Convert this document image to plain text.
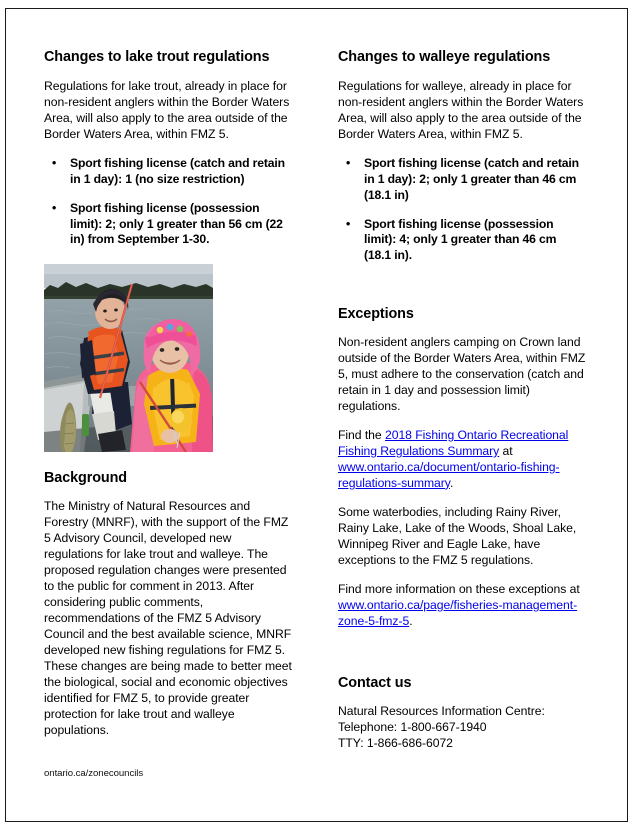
Changes to lake trout regulations

Regulations for lake trout, already in place for non-resident anglers within the Border Waters Area, will also apply to the area outside of the Border Waters Area, within FMZ 5.

• Sport fishing license (catch and retain in 1 day): 1 (no size restriction)
• Sport fishing license (possession limit): 2; only 1 greater than 56 cm (22 in) from September 1-30.
Background

The Ministry of Natural Resources and Forestry (MNRF), with the support of the FMZ 5 Advisory Council, developed new regulations for lake trout and walleye. The proposed regulation changes were presented to the public for comment in 2013. After considering public comments, recommendations of the FMZ 5 Advisory Council and the best available science, MNRF developed new fishing regulations for FMZ 5. These changes are being made to better meet the biological, social and economic objectives identified for FMZ 5, to provide greater protection for lake trout and walleye populations.

Changes to walleye regulations

Regulations for walleye, already in place for non-resident anglers within the Border Waters Area, will also apply to the area outside of the Border Waters Area, within FMZ 5.

• Sport fishing license (catch and retain in 1 day): 2; only 1 greater than 46 cm (18.1 in)
• Sport fishing license (possession limit): 4; only 1 greater than 46 cm (18.1 in).
Exceptions

Non-resident anglers camping on Crown land outside of the Border Waters Area, within FMZ 5, must adhere to the conservation (catch and retain in 1 day and possession limit) regulations.

Find the 2018 Fishing Ontario Recreational Fishing Regulations Summary at www.ontario.ca/document/ontario-fishing-regulations-summary.

Some waterbodies, including Rainy River, Rainy Lake, Lake of the Woods, Shoal Lake, Winnipeg River and Eagle Lake, have exceptions to the FMZ 5 regulations.

Find more information on these exceptions at www.ontario.ca/page/fisheries-management-zone-5-fmz-5.

Contact us

Natural Resources Information Centre:
Telephone: 1-800-667-1940
TTY: 1-866-686-6072

ontario.ca/zonecouncils
